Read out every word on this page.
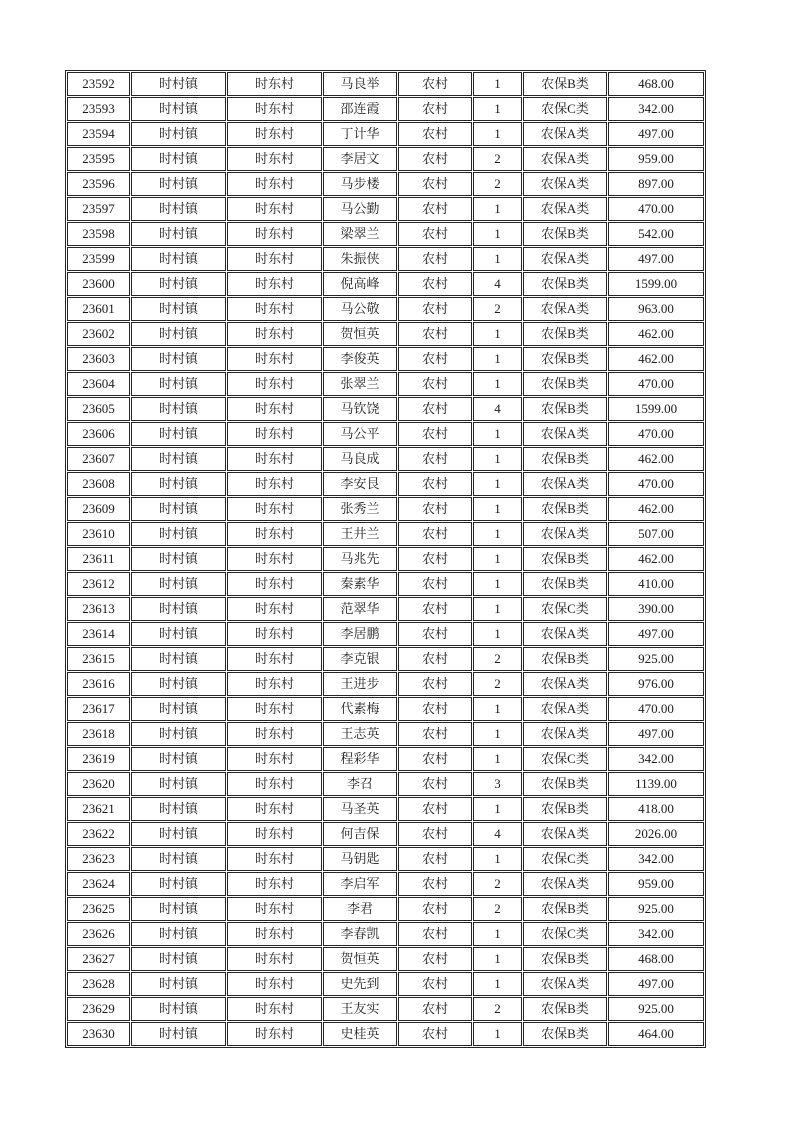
23592	时村镇	时东村	马良举	农村	1	农保B类	468.00
23593	时村镇	时东村	邵连霞	农村	1	农保C类	342.00
23594	时村镇	时东村	丁计华	农村	1	农保A类	497.00
23595	时村镇	时东村	李居文	农村	2	农保A类	959.00
23596	时村镇	时东村	马步楼	农村	2	农保A类	897.00
23597	时村镇	时东村	马公勤	农村	1	农保A类	470.00
23598	时村镇	时东村	梁翠兰	农村	1	农保B类	542.00
23599	时村镇	时东村	朱振侠	农村	1	农保A类	497.00
23600	时村镇	时东村	倪高峰	农村	4	农保B类	1599.00
23601	时村镇	时东村	马公敬	农村	2	农保A类	963.00
23602	时村镇	时东村	贺恒英	农村	1	农保B类	462.00
23603	时村镇	时东村	李俊英	农村	1	农保B类	462.00
23604	时村镇	时东村	张翠兰	农村	1	农保B类	470.00
23605	时村镇	时东村	马钦饶	农村	4	农保B类	1599.00
23606	时村镇	时东村	马公平	农村	1	农保A类	470.00
23607	时村镇	时东村	马良成	农村	1	农保B类	462.00
23608	时村镇	时东村	李安艮	农村	1	农保A类	470.00
23609	时村镇	时东村	张秀兰	农村	1	农保B类	462.00
23610	时村镇	时东村	王井兰	农村	1	农保A类	507.00
23611	时村镇	时东村	马兆先	农村	1	农保B类	462.00
23612	时村镇	时东村	秦素华	农村	1	农保B类	410.00
23613	时村镇	时东村	范翠华	农村	1	农保C类	390.00
23614	时村镇	时东村	李居鹏	农村	1	农保A类	497.00
23615	时村镇	时东村	李克银	农村	2	农保B类	925.00
23616	时村镇	时东村	王进步	农村	2	农保A类	976.00
23617	时村镇	时东村	代素梅	农村	1	农保A类	470.00
23618	时村镇	时东村	王志英	农村	1	农保A类	497.00
23619	时村镇	时东村	程彩华	农村	1	农保C类	342.00
23620	时村镇	时东村	李召	农村	3	农保B类	1139.00
23621	时村镇	时东村	马圣英	农村	1	农保B类	418.00
23622	时村镇	时东村	何吉保	农村	4	农保A类	2026.00
23623	时村镇	时东村	马钥匙	农村	1	农保C类	342.00
23624	时村镇	时东村	李启军	农村	2	农保A类	959.00
23625	时村镇	时东村	李君	农村	2	农保B类	925.00
23626	时村镇	时东村	李春凯	农村	1	农保C类	342.00
23627	时村镇	时东村	贺恒英	农村	1	农保B类	468.00
23628	时村镇	时东村	史先到	农村	1	农保A类	497.00
23629	时村镇	时东村	王友实	农村	2	农保B类	925.00
23630	时村镇	时东村	史桂英	农村	1	农保B类	464.00
